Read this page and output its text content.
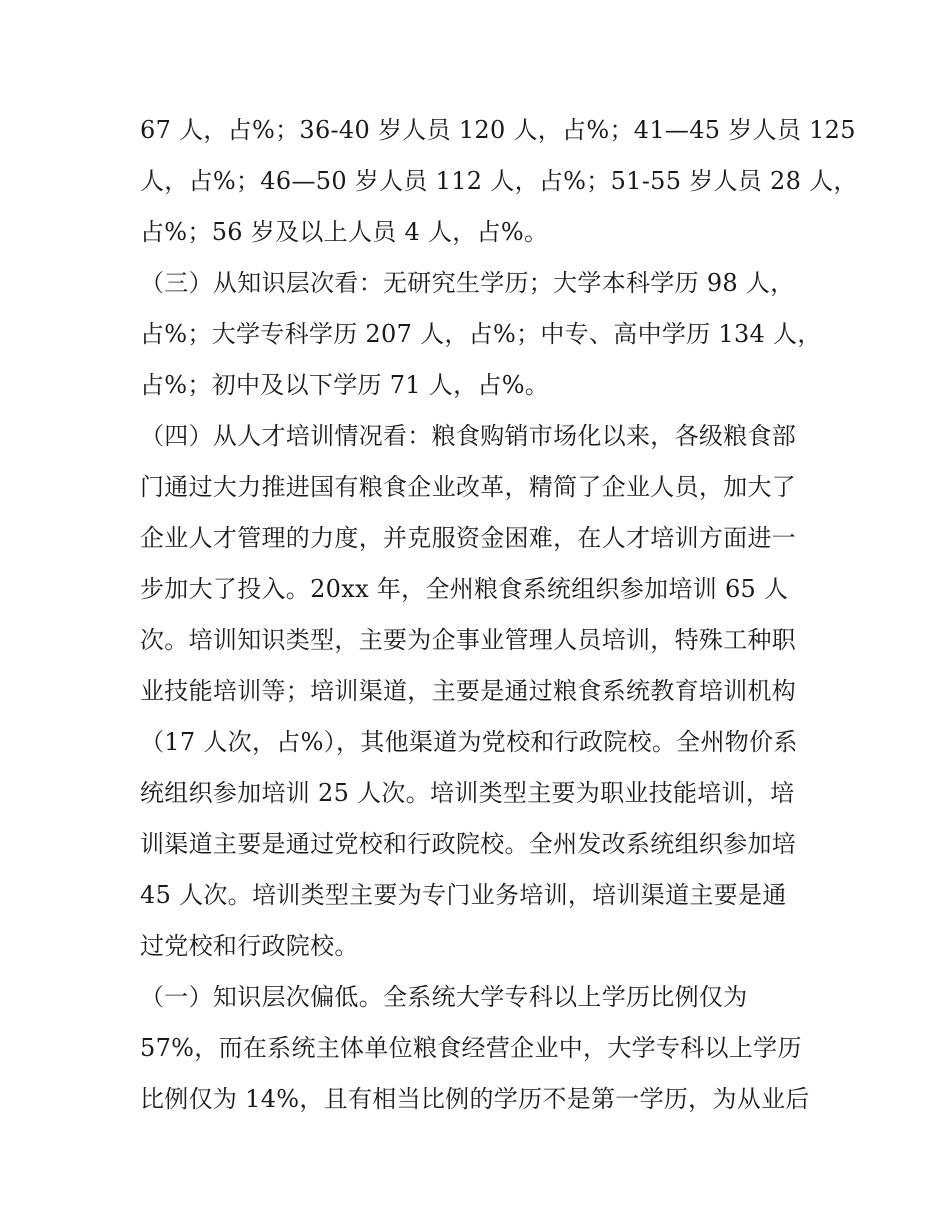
67 人，占%；36-40 岁人员 120 人，占%；41—45 岁人员 125
人，占%；46—50 岁人员 112 人，占%；51-55 岁人员 28 人，
占%；56 岁及以上人员 4 人，占%。
（三）从知识层次看：无研究生学历；大学本科学历 98 人，
占%；大学专科学历 207 人，占%；中专、高中学历 134 人，
占%；初中及以下学历 71 人，占%。
（四）从人才培训情况看：粮食购销市场化以来，各级粮食部
门通过大力推进国有粮食企业改革，精简了企业人员，加大了
企业人才管理的力度，并克服资金困难，在人才培训方面进一
步加大了投入。20xx 年，全州粮食系统组织参加培训 65 人
次。培训知识类型，主要为企事业管理人员培训，特殊工种职
业技能培训等；培训渠道，主要是通过粮食系统教育培训机构
（17 人次，占%），其他渠道为党校和行政院校。全州物价系
统组织参加培训 25 人次。培训类型主要为职业技能培训，培
训渠道主要是通过党校和行政院校。全州发改系统组织参加培
45 人次。培训类型主要为专门业务培训，培训渠道主要是通
过党校和行政院校。
（一）知识层次偏低。全系统大学专科以上学历比例仅为
57%，而在系统主体单位粮食经营企业中，大学专科以上学历
比例仅为 14%，且有相当比例的学历不是第一学历，为从业后
